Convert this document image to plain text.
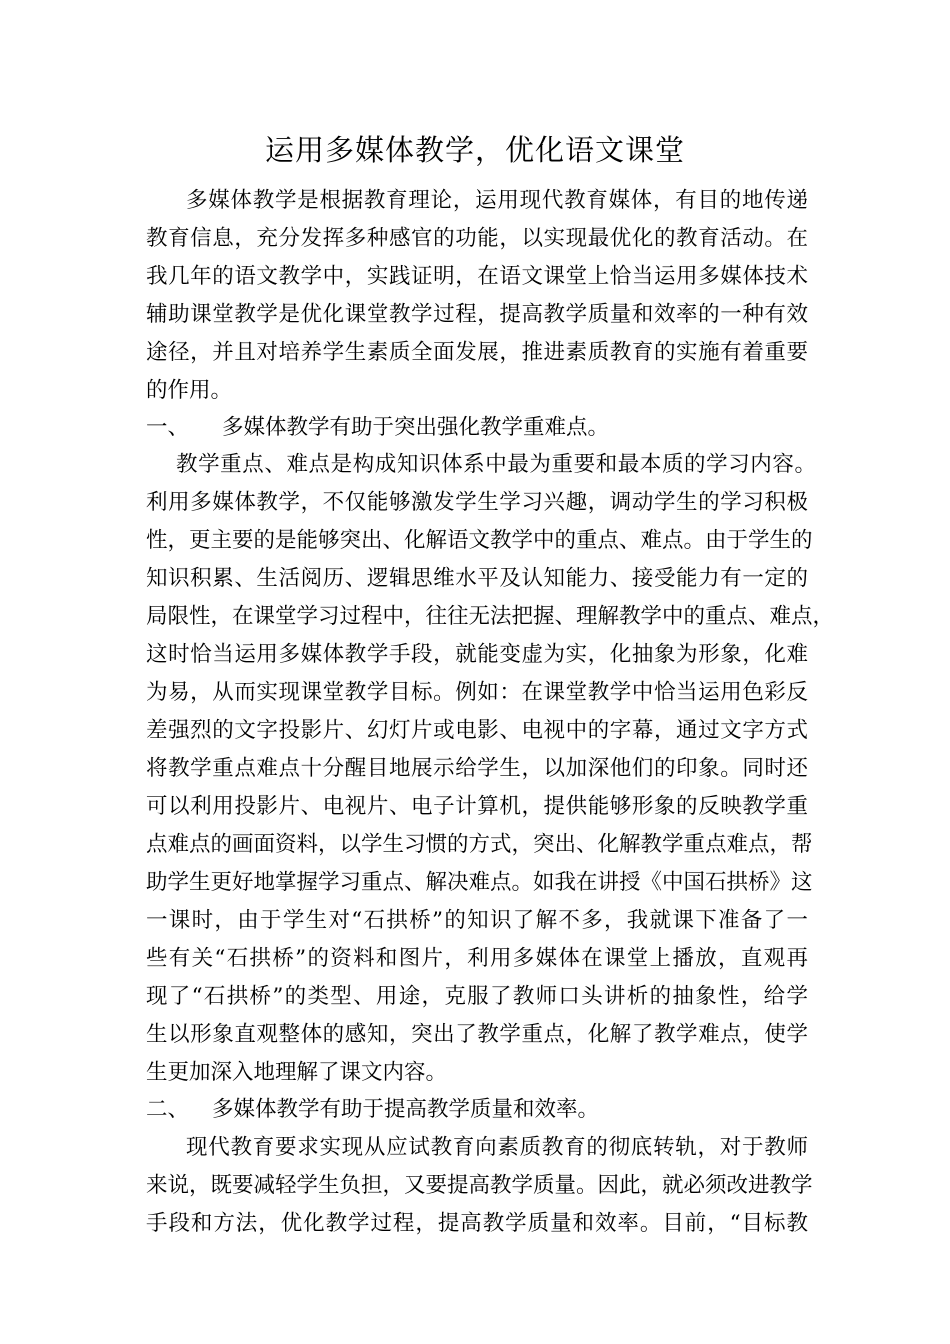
运用多媒体教学，优化语文课堂
多媒体教学是根据教育理论，运用现代教育媒体，有目的地传递
教育信息，充分发挥多种感官的功能，以实现最优化的教育活动。在
我几年的语文教学中，实践证明，在语文课堂上恰当运用多媒体技术
辅助课堂教学是优化课堂教学过程，提高教学质量和效率的一种有效
途径，并且对培养学生素质全面发展，推进素质教育的实施有着重要
的作用。
一、 多媒体教学有助于突出强化教学重难点。
教学重点、难点是构成知识体系中最为重要和最本质的学习内容。
利用多媒体教学，不仅能够激发学生学习兴趣，调动学生的学习积极
性，更主要的是能够突出、化解语文教学中的重点、难点。由于学生的
知识积累、生活阅历、逻辑思维水平及认知能力、接受能力有一定的
局限性，在课堂学习过程中，往往无法把握、理解教学中的重点、难点，
这时恰当运用多媒体教学手段，就能变虚为实，化抽象为形象，化难
为易，从而实现课堂教学目标。例如：在课堂教学中恰当运用色彩反
差强烈的文字投影片、幻灯片或电影、电视中的字幕，通过文字方式
将教学重点难点十分醒目地展示给学生，以加深他们的印象。同时还
可以利用投影片、电视片、电子计算机，提供能够形象的反映教学重
点难点的画面资料，以学生习惯的方式，突出、化解教学重点难点，帮
助学生更好地掌握学习重点、解决难点。如我在讲授《中国石拱桥》这
一课时，由于学生对“石拱桥”的知识了解不多，我就课下准备了一
些有关“石拱桥”的资料和图片，利用多媒体在课堂上播放，直观再
现了“石拱桥”的类型、用途，克服了教师口头讲析的抽象性，给学
生以形象直观整体的感知，突出了教学重点，化解了教学难点，使学
生更加深入地理解了课文内容。
二、 多媒体教学有助于提高教学质量和效率。
现代教育要求实现从应试教育向素质教育的彻底转轨，对于教师
来说，既要减轻学生负担，又要提高教学质量。因此，就必须改进教学
手段和方法，优化教学过程，提高教学质量和效率。目前，“目标教
